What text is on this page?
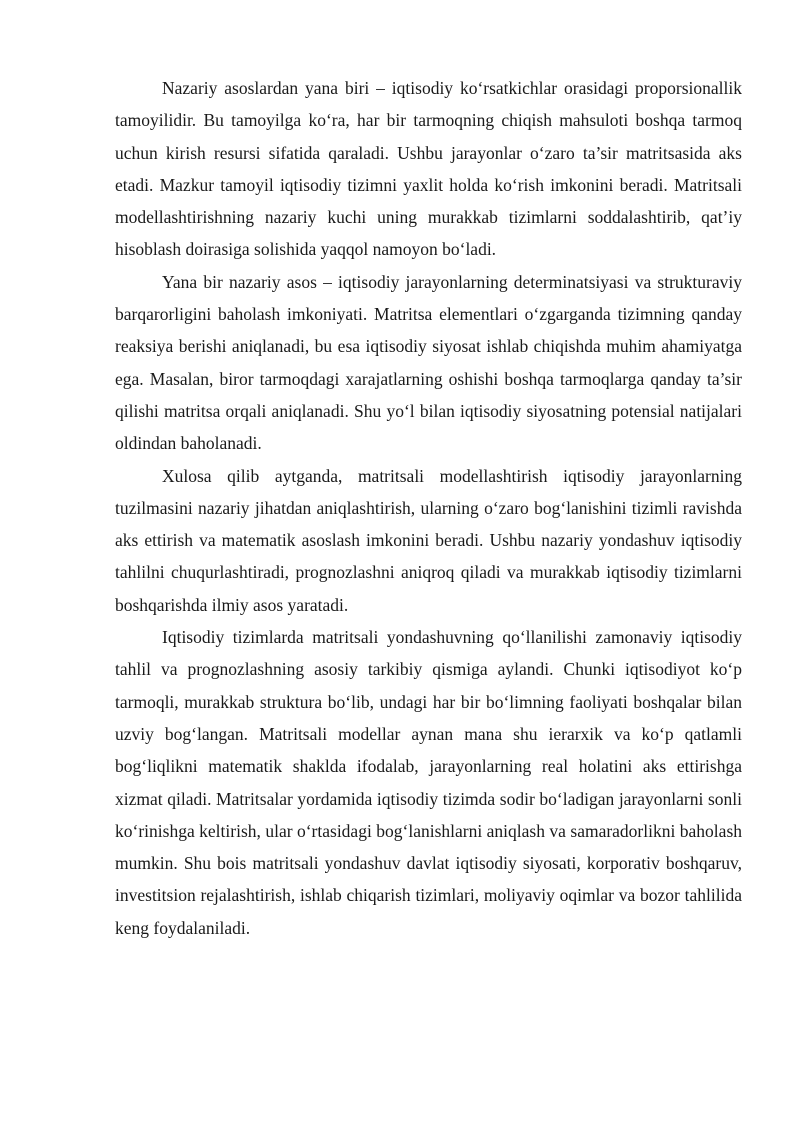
Nazariy asoslardan yana biri – iqtisodiy ko‘rsatkichlar orasidagi proporsionallik tamoyilidir. Bu tamoyilga ko‘ra, har bir tarmoqning chiqish mahsuloti boshqa tarmoq uchun kirish resursi sifatida qaraladi. Ushbu jarayonlar o‘zaro ta’sir matritsasida aks etadi. Mazkur tamoyil iqtisodiy tizimni yaxlit holda ko‘rish imkonini beradi. Matritsali modellashtirishning nazariy kuchi uning murakkab tizimlarni soddalashtirib, qat’iy hisoblash doirasiga solishida yaqqol namoyon bo‘ladi.

Yana bir nazariy asos – iqtisodiy jarayonlarning determinatsiyasi va strukturaviy barqarorligini baholash imkoniyati. Matritsa elementlari o‘zgarganda tizimning qanday reaksiya berishi aniqlanadi, bu esa iqtisodiy siyosat ishlab chiqishda muhim ahamiyatga ega. Masalan, biror tarmoqdagi xarajatlarning oshishi boshqa tarmoqlarga qanday ta’sir qilishi matritsa orqali aniqlanadi. Shu yo‘l bilan iqtisodiy siyosatning potensial natijalari oldindan baholanadi.

Xulosa qilib aytganda, matritsali modellashtirish iqtisodiy jarayonlarning tuzilmasini nazariy jihatdan aniqlashtirish, ularning o‘zaro bog‘lanishini tizimli ravishda aks ettirish va matematik asoslash imkonini beradi. Ushbu nazariy yondashuv iqtisodiy tahlilni chuqurlashtiradi, prognozlashni aniqroq qiladi va murakkab iqtisodiy tizimlarni boshqarishda ilmiy asos yaratadi.

Iqtisodiy tizimlarda matritsali yondashuvning qo‘llanilishi zamonaviy iqtisodiy tahlil va prognozlashning asosiy tarkibiy qismiga aylandi. Chunki iqtisodiyot ko‘p tarmoqli, murakkab struktura bo‘lib, undagi har bir bo‘limning faoliyati boshqalar bilan uzviy bog‘langan. Matritsali modellar aynan mana shu ierarxik va ko‘p qatlamli bog‘liqlikni matematik shaklda ifodalab, jarayonlarning real holatini aks ettirishga xizmat qiladi. Matritsalar yordamida iqtisodiy tizimda sodir bo‘ladigan jarayonlarni sonli ko‘rinishga keltirish, ular o‘rtasidagi bog‘lanishlarni aniqlash va samaradorlikni baholash mumkin. Shu bois matritsali yondashuv davlat iqtisodiy siyosati, korporativ boshqaruv, investitsion rejalashtirish, ishlab chiqarish tizimlari, moliyaviy oqimlar va bozor tahlilida keng foydalaniladi.
